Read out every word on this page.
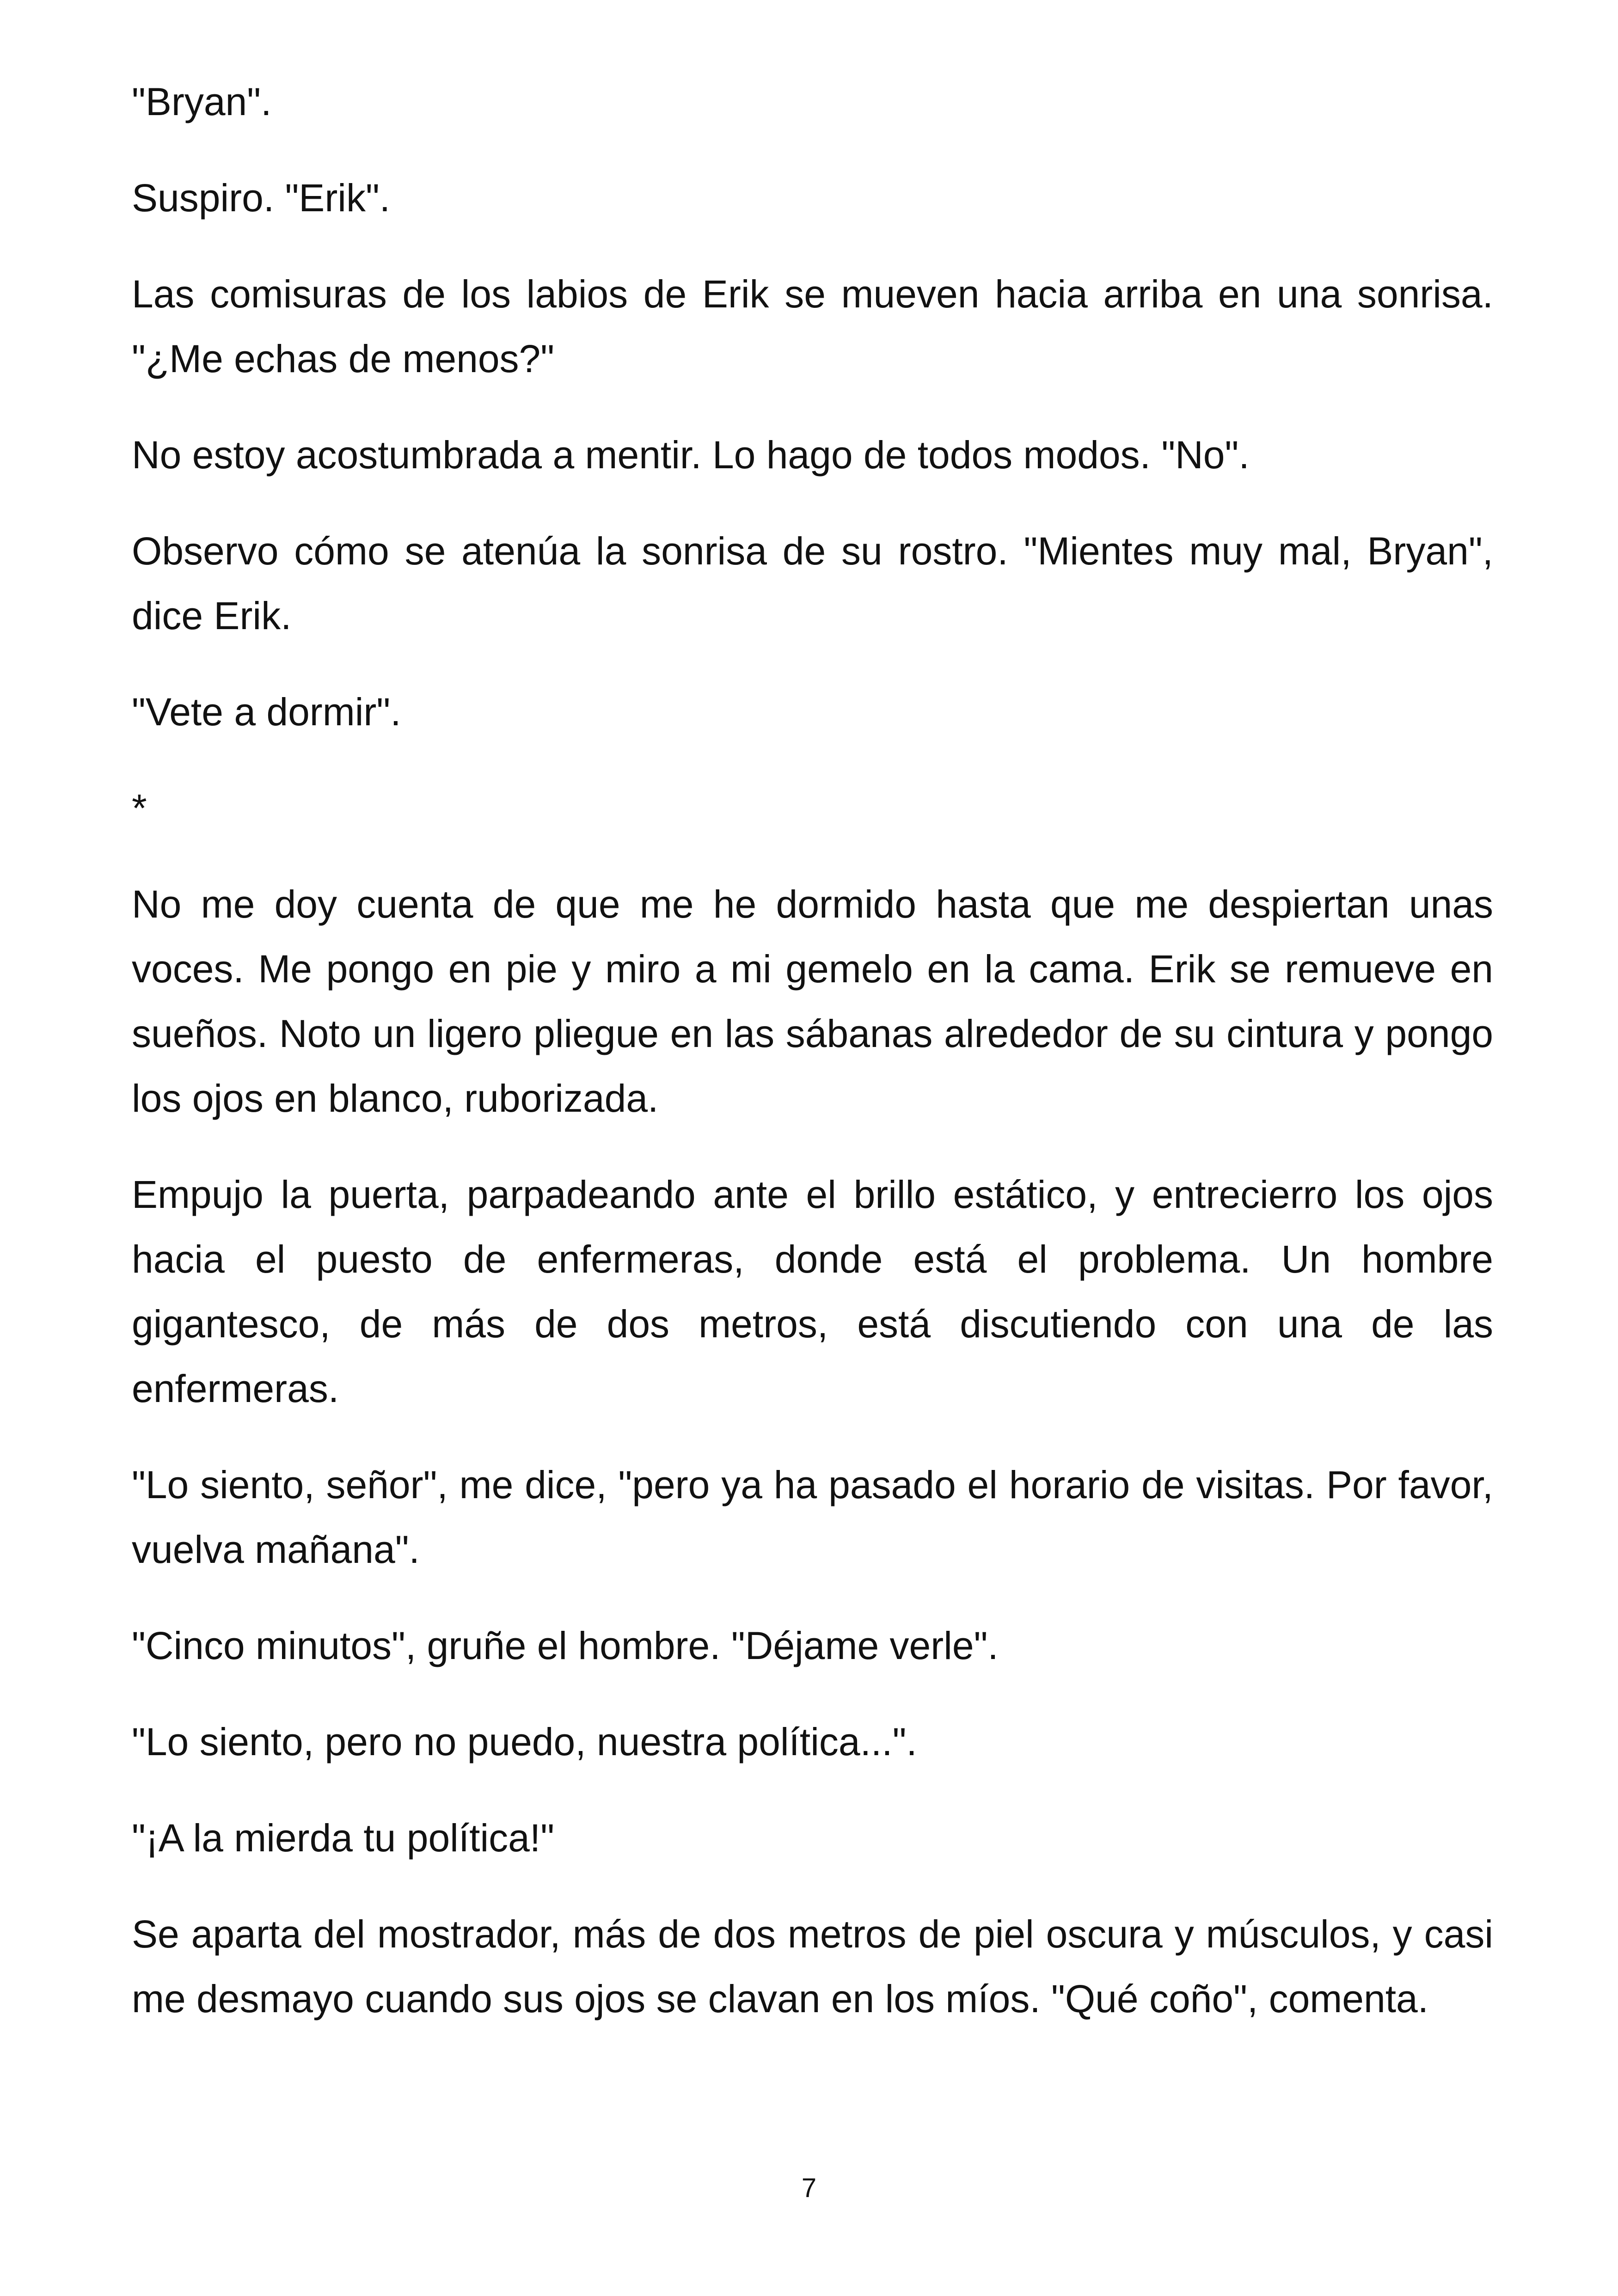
"Bryan".

Suspiro. "Erik".

Las comisuras de los labios de Erik se mueven hacia arriba en una sonrisa. "¿Me echas de menos?"

No estoy acostumbrada a mentir. Lo hago de todos modos. "No".

Observo cómo se atenúa la sonrisa de su rostro. "Mientes muy mal, Bryan", dice Erik.

"Vete a dormir".

*

No me doy cuenta de que me he dormido hasta que me despiertan unas voces. Me pongo en pie y miro a mi gemelo en la cama. Erik se remueve en sueños. Noto un ligero pliegue en las sábanas alrededor de su cintura y pongo los ojos en blanco, ruborizada.

Empujo la puerta, parpadeando ante el brillo estático, y entrecierro los ojos hacia el puesto de enfermeras, donde está el problema. Un hombre gigantesco, de más de dos metros, está discutiendo con una de las enfermeras.

"Lo siento, señor", me dice, "pero ya ha pasado el horario de visitas. Por favor, vuelva mañana".

"Cinco minutos", gruñe el hombre. "Déjame verle".

"Lo siento, pero no puedo, nuestra política...".

"¡A la mierda tu política!"

Se aparta del mostrador, más de dos metros de piel oscura y músculos, y casi me desmayo cuando sus ojos se clavan en los míos. "Qué coño", comenta.

7
